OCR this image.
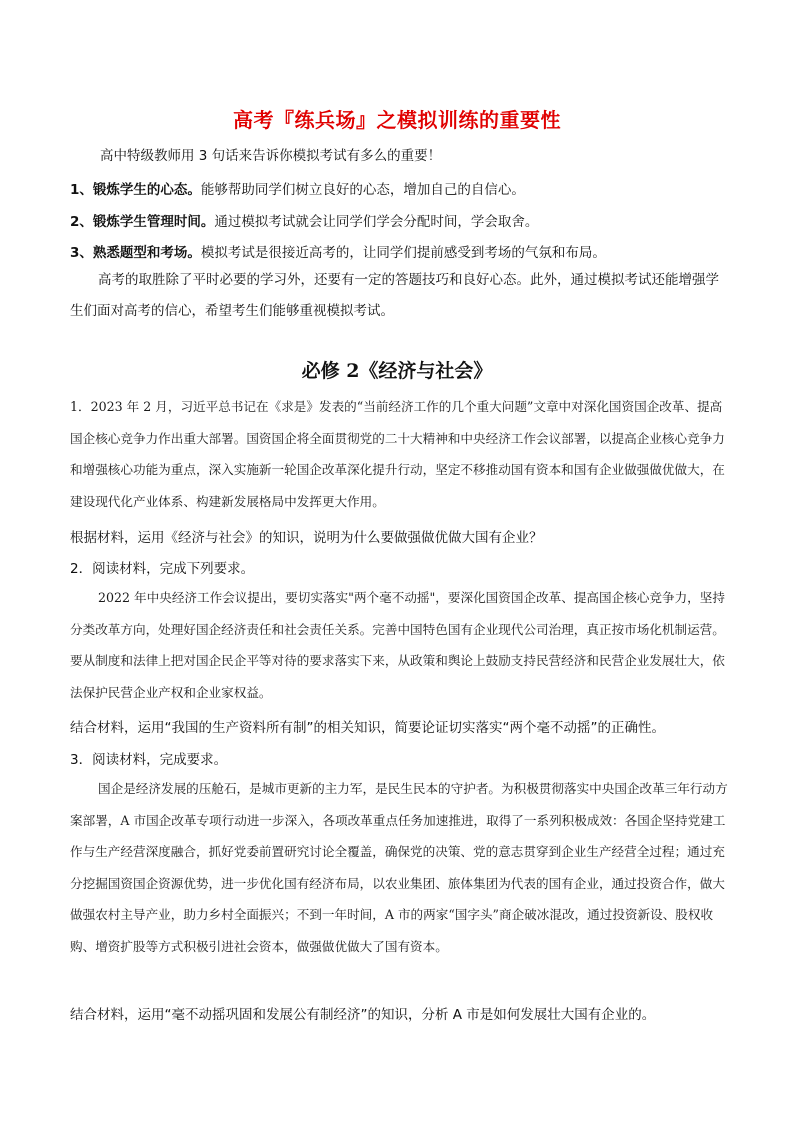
高考『练兵场』之模拟训练的重要性
高中特级教师用 3 句话来告诉你模拟考试有多么的重要！
1、锻炼学生的心态。能够帮助同学们树立良好的心态，增加自己的自信心。
2、锻炼学生管理时间。通过模拟考试就会让同学们学会分配时间，学会取舍。
3、熟悉题型和考场。模拟考试是很接近高考的，让同学们提前感受到考场的气氛和布局。
高考的取胜除了平时必要的学习外，还要有一定的答题技巧和良好心态。此外，通过模拟考试还能增强学生们面对高考的信心，希望考生们能够重视模拟考试。
必修 2《经济与社会》
1．2023 年 2 月，习近平总书记在《求是》发表的“当前经济工作的几个重大问题”文章中对深化国资国企改革、提高国企核心竞争力作出重大部署。国资国企将全面贯彻党的二十大精神和中央经济工作会议部署，以提高企业核心竞争力和增强核心功能为重点，深入实施新一轮国企改革深化提升行动，坚定不移推动国有资本和国有企业做强做优做大，在建设现代化产业体系、构建新发展格局中发挥更大作用。
根据材料，运用《经济与社会》的知识，说明为什么要做强做优做大国有企业？
2．阅读材料，完成下列要求。
2022 年中央经济工作会议提出，要切实落实"两个毫不动摇"，要深化国资国企改革、提高国企核心竞争力，坚持分类改革方向，处理好国企经济责任和社会责任关系。完善中国特色国有企业现代公司治理，真正按市场化机制运营。要从制度和法律上把对国企民企平等对待的要求落实下来，从政策和舆论上鼓励支持民营经济和民营企业发展壮大，依法保护民营企业产权和企业家权益。
结合材料，运用“我国的生产资料所有制”的相关知识，简要论证切实落实“两个毫不动摇”的正确性。
3．阅读材料，完成要求。
国企是经济发展的压舱石，是城市更新的主力军，是民生民本的守护者。为积极贯彻落实中央国企改革三年行动方案部署，A 市国企改革专项行动进一步深入，各项改革重点任务加速推进，取得了一系列积极成效：各国企坚持党建工作与生产经营深度融合，抓好党委前置研究讨论全覆盖，确保党的决策、党的意志贯穿到企业生产经营全过程；通过充分挖掘国资国企资源优势，进一步优化国有经济布局，以农业集团、旅体集团为代表的国有企业，通过投资合作，做大做强农村主导产业，助力乡村全面振兴；不到一年时间，A 市的两家“国字头”商企破冰混改，通过投资新设、股权收购、增资扩股等方式积极引进社会资本，做强做优做大了国有资本。
结合材料，运用“毫不动摇巩固和发展公有制经济”的知识，分析 A 市是如何发展壮大国有企业的。
